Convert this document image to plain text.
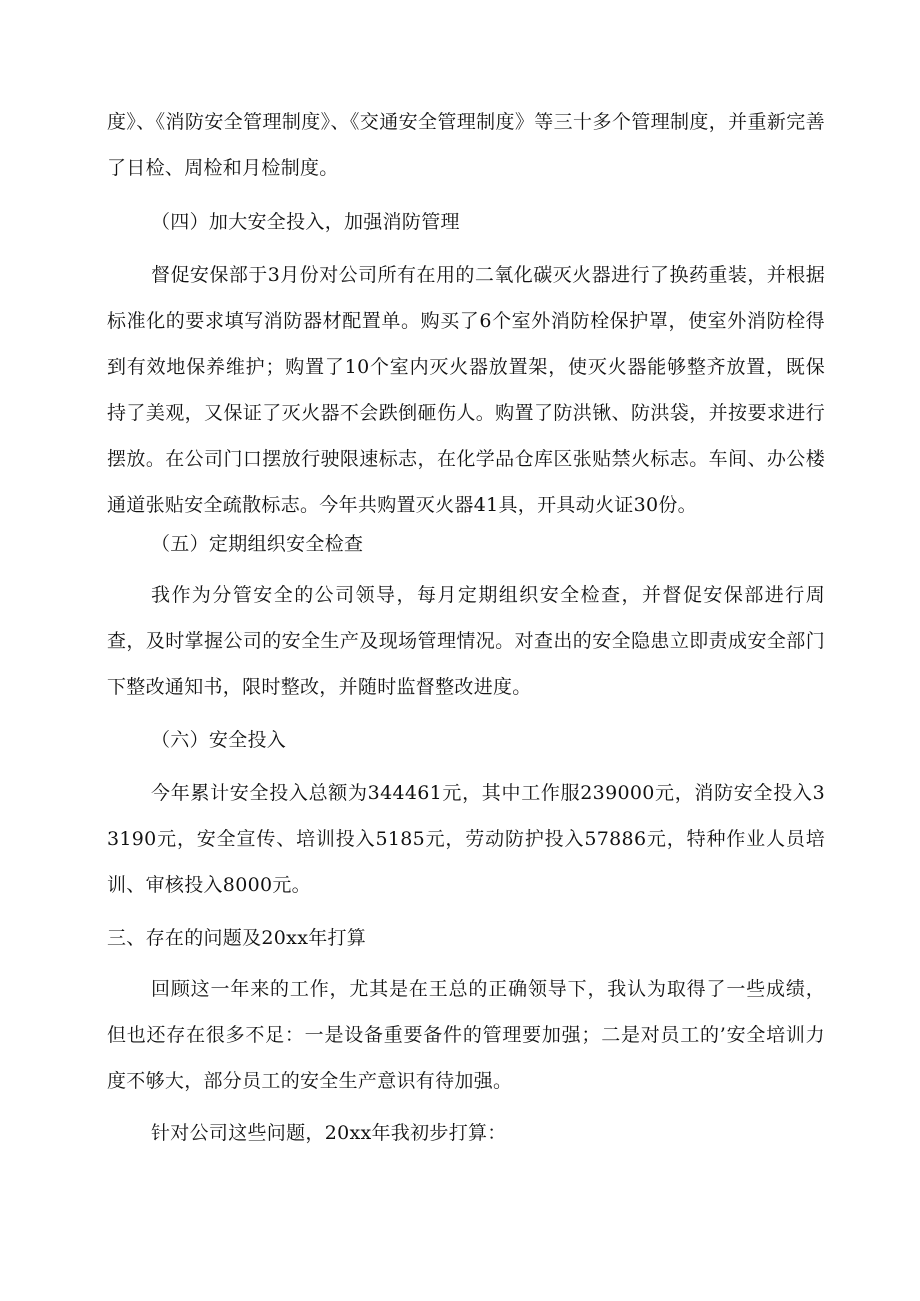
度》、《消防安全管理制度》、《交通安全管理制度》等三十多个管理制度，并重新完善了日检、周检和月检制度。

（四）加大安全投入，加强消防管理

督促安保部于3月份对公司所有在用的二氧化碳灭火器进行了换药重装，并根据标准化的要求填写消防器材配置单。购买了6个室外消防栓保护罩，使室外消防栓得到有效地保养维护；购置了10个室内灭火器放置架，使灭火器能够整齐放置，既保持了美观，又保证了灭火器不会跌倒砸伤人。购置了防洪锹、防洪袋，并按要求进行摆放。在公司门口摆放行驶限速标志，在化学品仓库区张贴禁火标志。车间、办公楼通道张贴安全疏散标志。今年共购置灭火器41具，开具动火证30份。

（五）定期组织安全检查

我作为分管安全的公司领导，每月定期组织安全检查，并督促安保部进行周查，及时掌握公司的安全生产及现场管理情况。对查出的安全隐患立即责成安全部门下整改通知书，限时整改，并随时监督整改进度。

（六）安全投入

今年累计安全投入总额为344461元，其中工作服239000元，消防安全投入33190元，安全宣传、培训投入5185元，劳动防护投入57886元，特种作业人员培训、审核投入8000元。

三、存在的问题及20xx年打算

回顾这一年来的工作，尤其是在王总的正确领导下，我认为取得了一些成绩，但也还存在很多不足：一是设备重要备件的管理要加强；二是对员工的’安全培训力度不够大，部分员工的安全生产意识有待加强。

针对公司这些问题，20xx年我初步打算：
